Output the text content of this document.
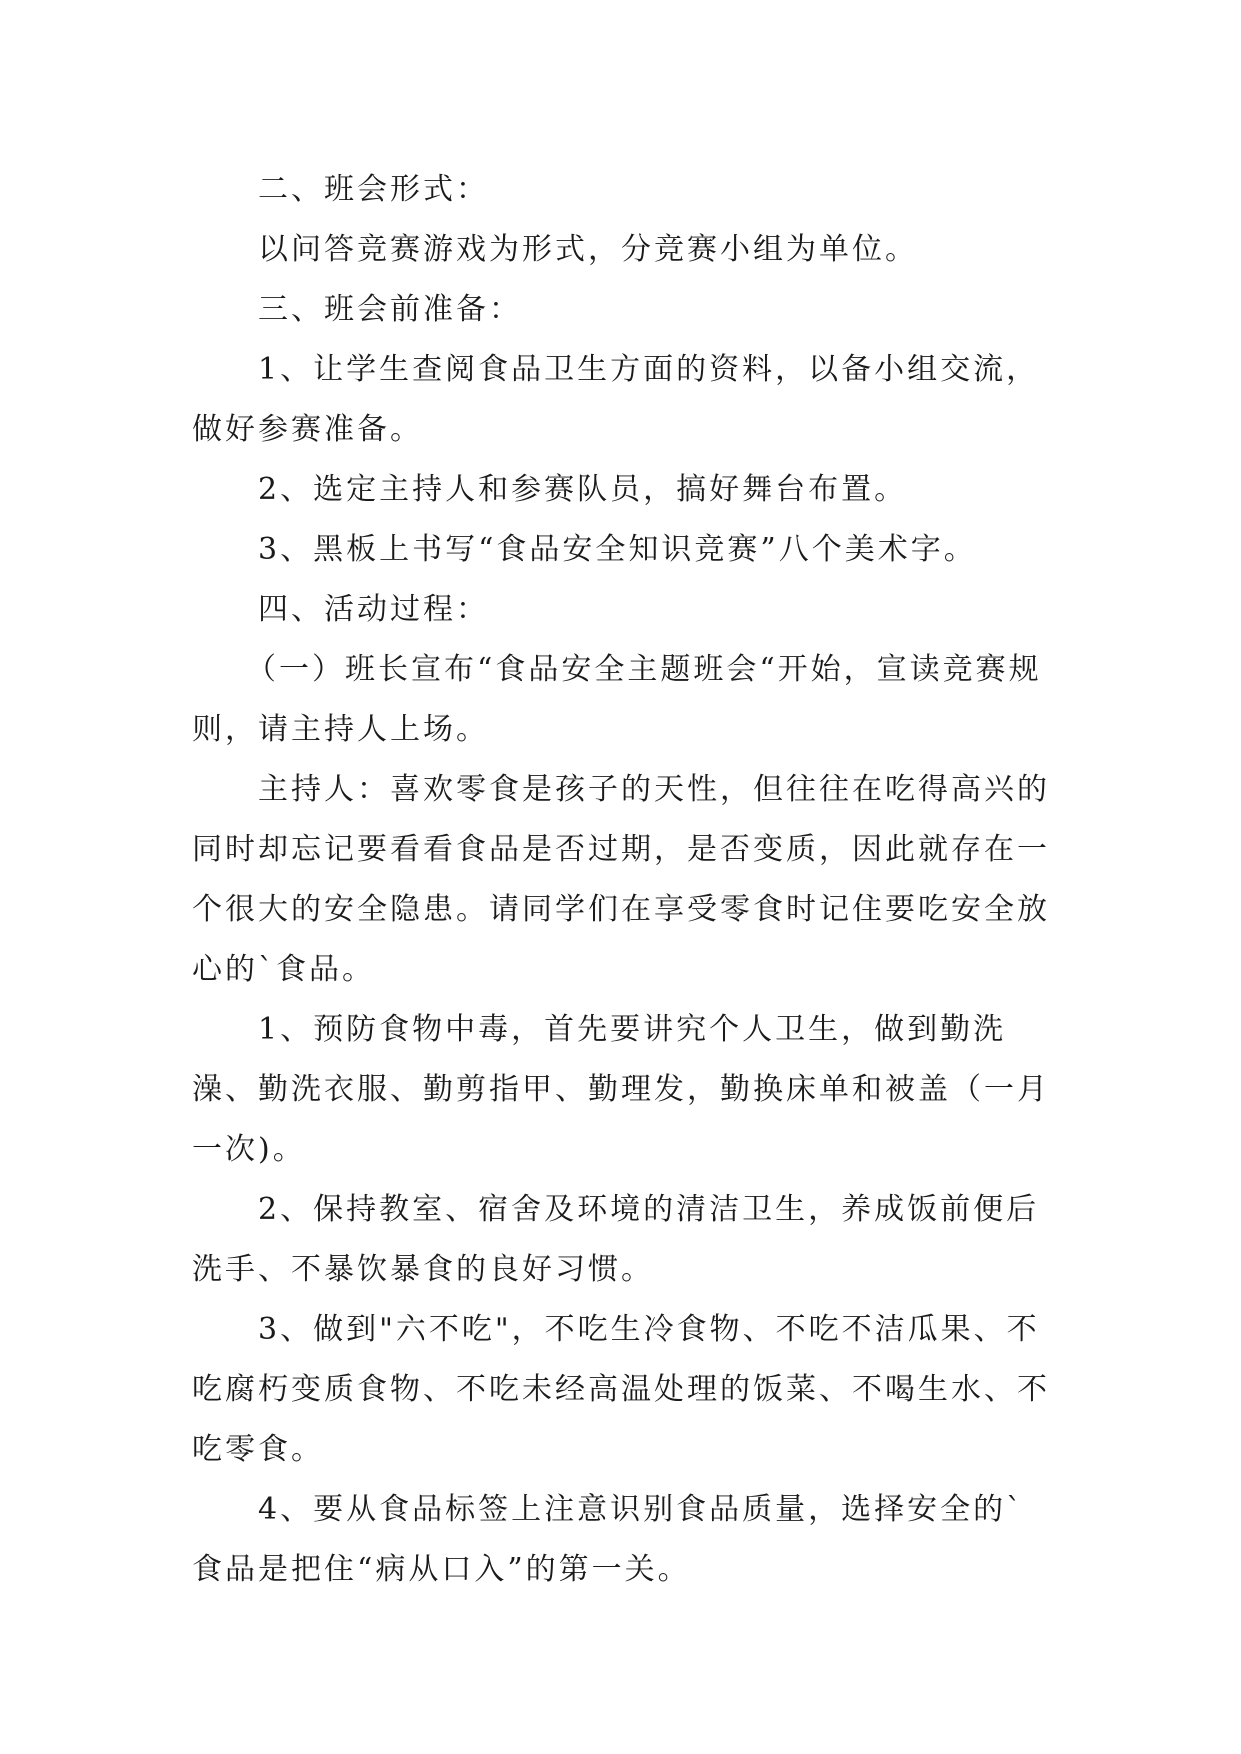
二、班会形式：

以问答竞赛游戏为形式，分竞赛小组为单位。

三、班会前准备：

1、让学生查阅食品卫生方面的资料，以备小组交流，做好参赛准备。

2、选定主持人和参赛队员，搞好舞台布置。

3、黑板上书写“食品安全知识竞赛”八个美术字。

四、活动过程：

（一）班长宣布“食品安全主题班会“开始，宣读竞赛规则，请主持人上场。

主持人：喜欢零食是孩子的天性，但往往在吃得高兴的同时却忘记要看看食品是否过期，是否变质，因此就存在一个很大的安全隐患。请同学们在享受零食时记住要吃安全放心的`食品。

1、预防食物中毒，首先要讲究个人卫生，做到勤洗澡、勤洗衣服、勤剪指甲、勤理发，勤换床单和被盖（一月一次)。

2、保持教室、宿舍及环境的清洁卫生，养成饭前便后洗手、不暴饮暴食的良好习惯。

3、做到"六不吃"，不吃生冷食物、不吃不洁瓜果、不吃腐朽变质食物、不吃未经高温处理的饭菜、不喝生水、不吃零食。

4、要从食品标签上注意识别食品质量，选择安全的`食品是把住“病从口入”的第一关。
